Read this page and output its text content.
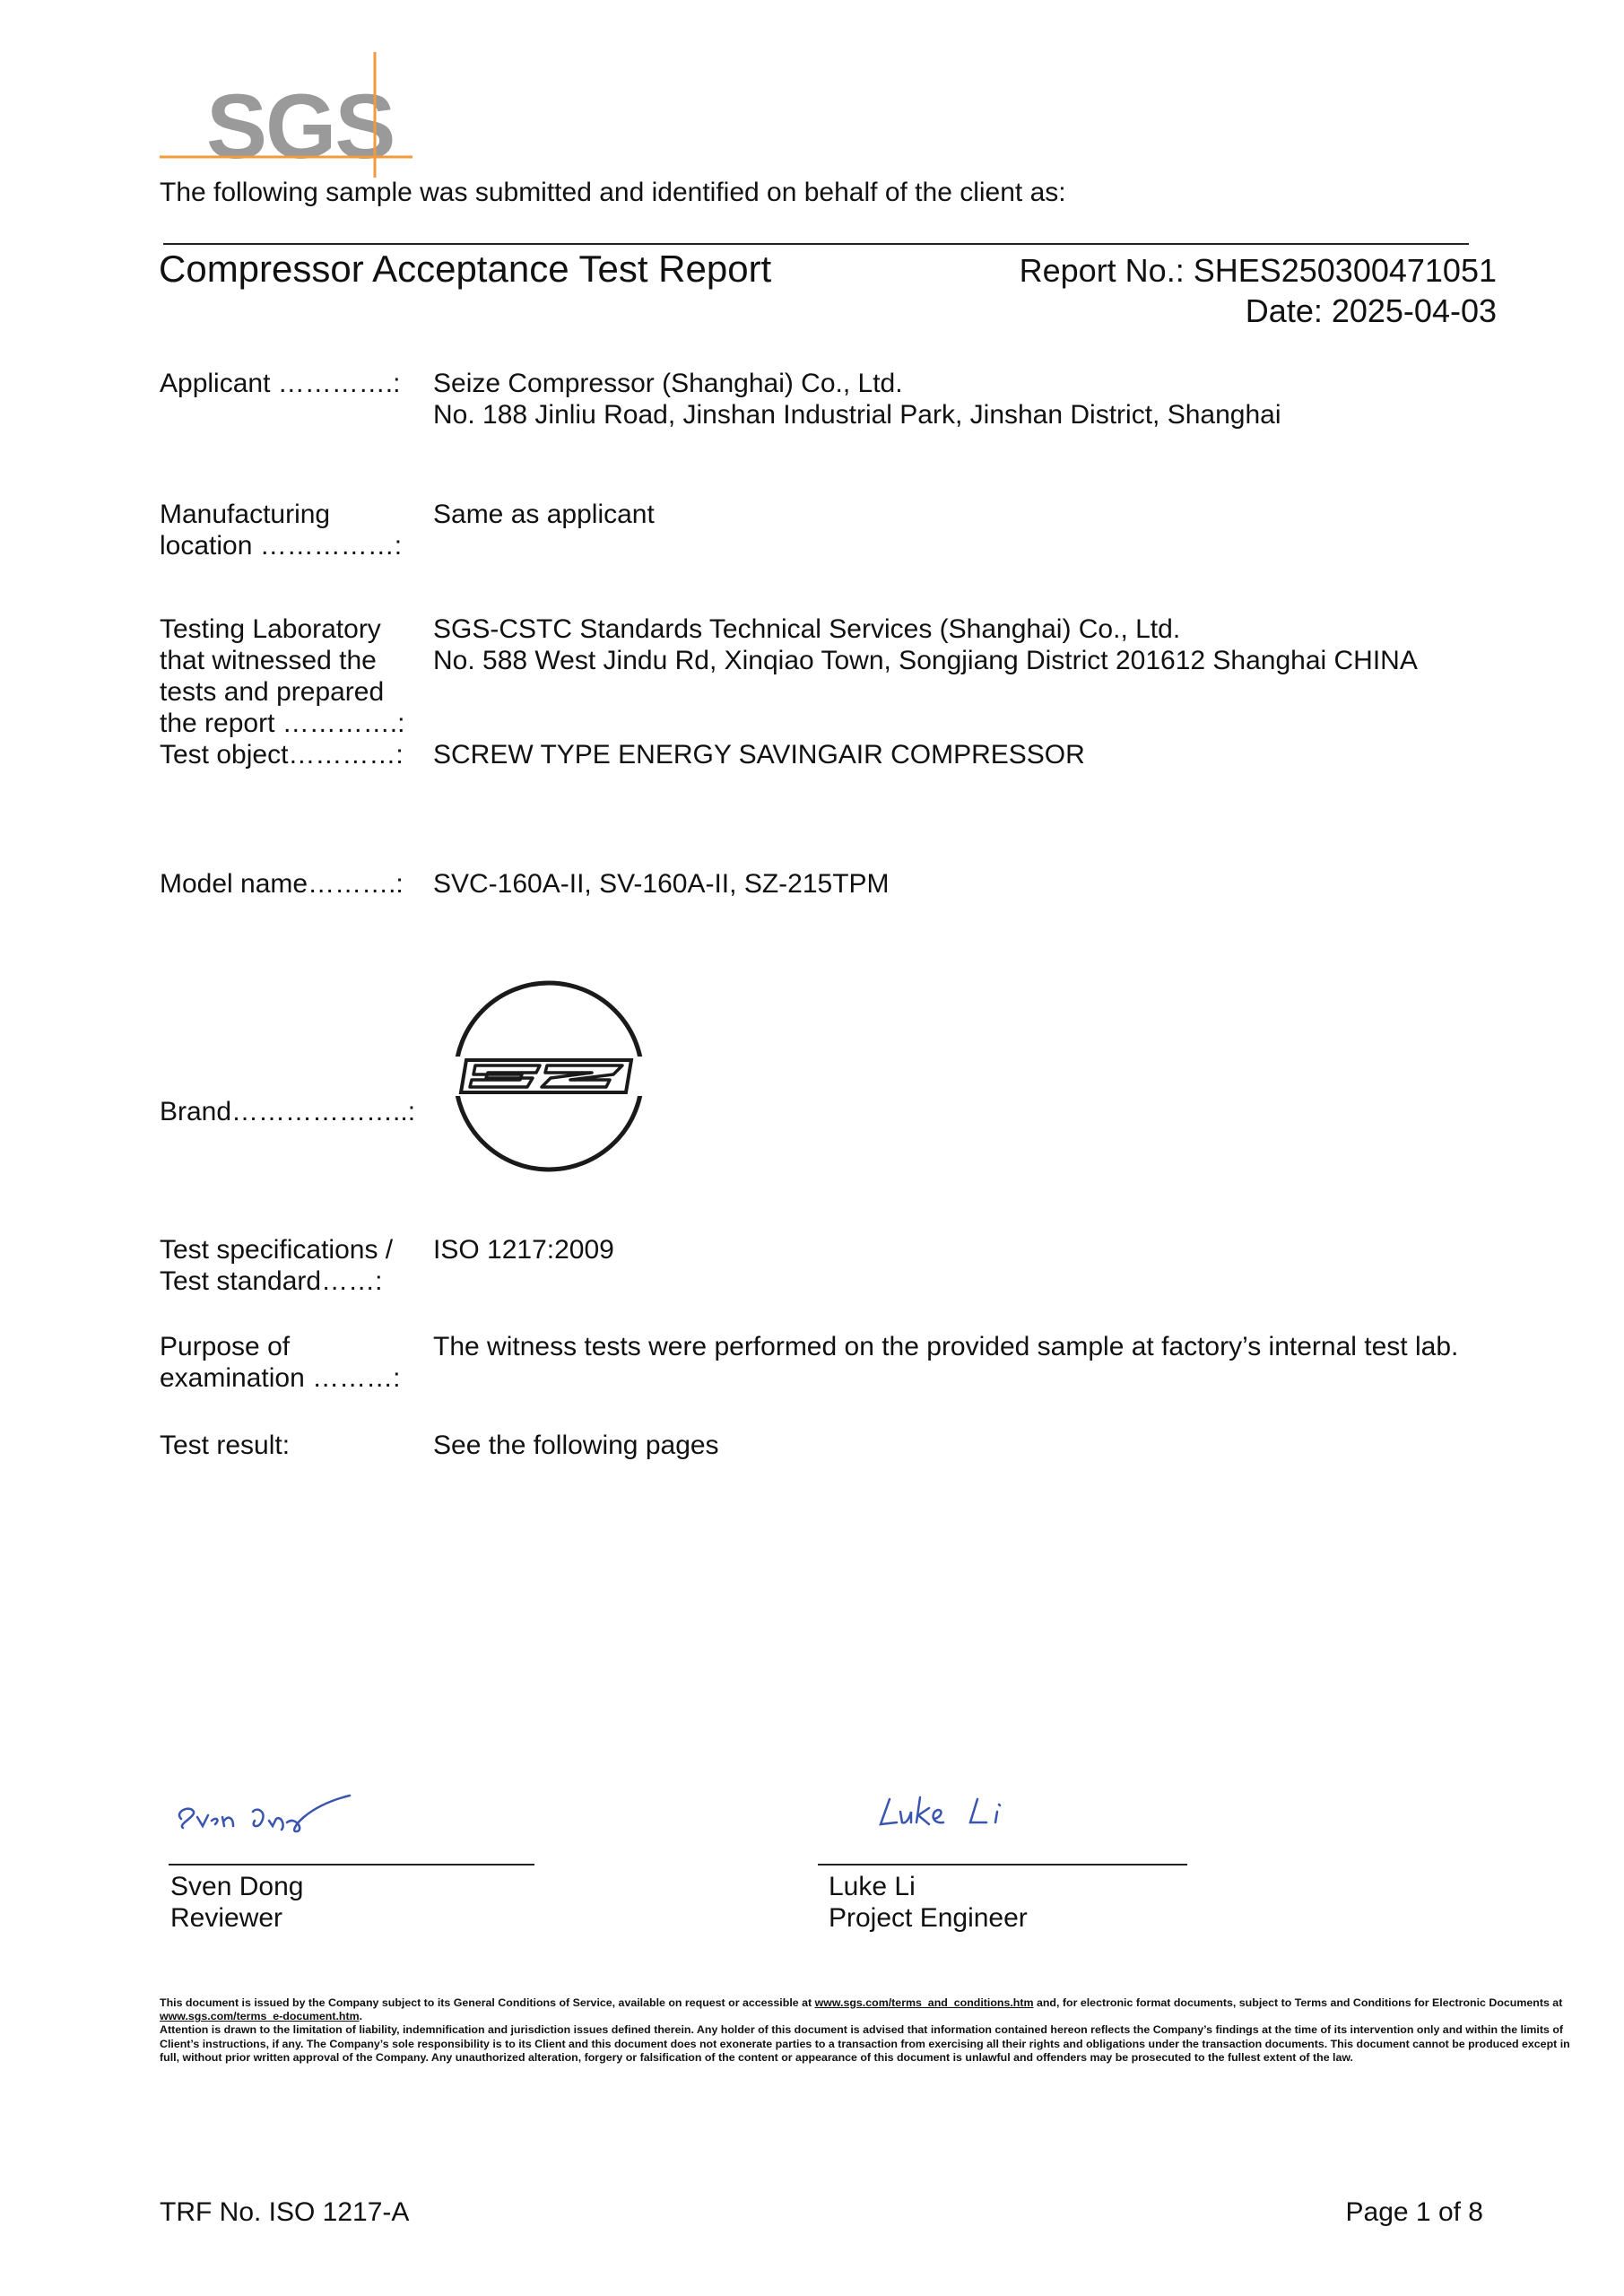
SGS
The following sample was submitted and identified on behalf of the client as:
Compressor Acceptance Test Report	Report No.: SHES250300471051
Date: 2025-04-03
Applicant ………….:	Seize Compressor (Shanghai) Co., Ltd.
No. 188 Jinliu Road, Jinshan Industrial Park, Jinshan District, Shanghai
Manufacturing
location ……………:
Same as applicant
Testing Laboratory
that witnessed the
tests and prepared
the report ………….:
SGS-CSTC Standards Technical Services (Shanghai) Co., Ltd.
No. 588 West Jindu Rd, Xinqiao Town, Songjiang District 201612 Shanghai CHINA
Test object…………:	SCREW TYPE ENERGY SAVINGAIR COMPRESSOR
Model name……….:	SVC-160A-II, SV-160A-II, SZ-215TPM
Brand………………..:
Test specifications /
Test standard……:
ISO 1217:2009
Purpose of
examination ………:
The witness tests were performed on the provided sample at factory’s internal test lab.
Test result:	See the following pages
Sven Dong
Reviewer
Luke Li
Project Engineer
This document is issued by the Company subject to its General Conditions of Service, available on request or accessible at www.sgs.com/terms_and_conditions.htm and, for electronic format documents, subject to Terms and Conditions for Electronic Documents at www.sgs.com/terms_e-document.htm.
Attention is drawn to the limitation of liability, indemnification and jurisdiction issues defined therein. Any holder of this document is advised that information contained hereon reflects the Company’s findings at the time of its intervention only and within the limits of Client’s instructions, if any. The Company’s sole responsibility is to its Client and this document does not exonerate parties to a transaction from exercising all their rights and obligations under the transaction documents. This document cannot be produced except in full, without prior written approval of the Company. Any unauthorized alteration, forgery or falsification of the content or appearance of this document is unlawful and offenders may be prosecuted to the fullest extent of the law.
TRF No. ISO 1217-A	Page 1 of 8
